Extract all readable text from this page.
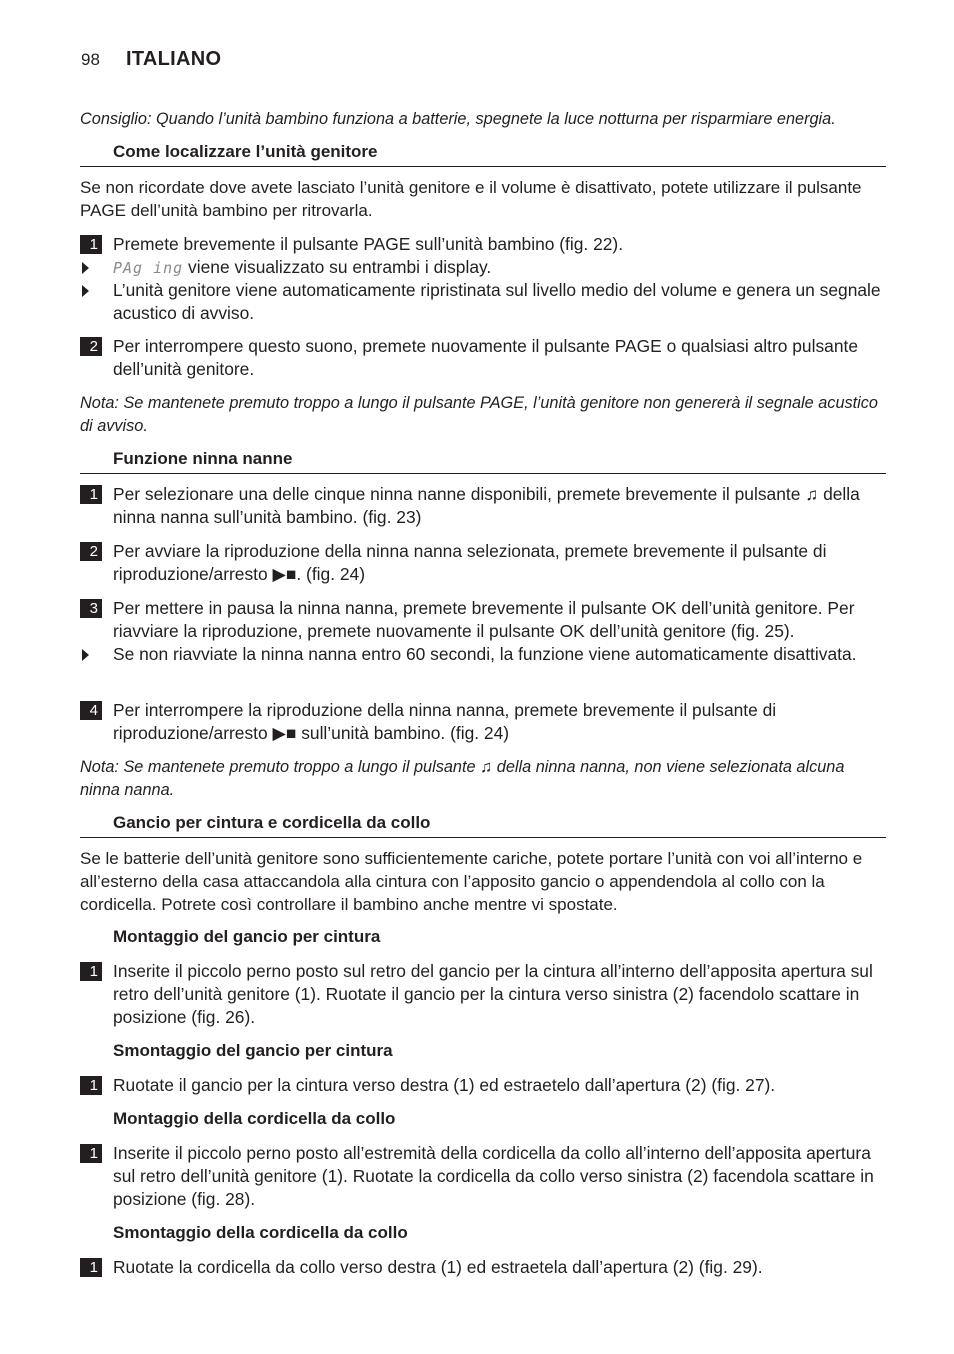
98 ITALIANO
Consiglio: Quando l’unità bambino funziona a batterie, spegnete la luce notturna per risparmiare energia.
Come localizzare l’unità genitore
Se non ricordate dove avete lasciato l’unità genitore e il volume è disattivato, potete utilizzare il pulsante PAGE dell’unità bambino per ritrovarla.
1 Premete brevemente il pulsante PAGE sull’unità bambino (fig. 22).
PAg ing viene visualizzato su entrambi i display.
L’unità genitore viene automaticamente ripristinata sul livello medio del volume e genera un segnale acustico di avviso.
2 Per interrompere questo suono, premete nuovamente il pulsante PAGE o qualsiasi altro pulsante dell’unità genitore.
Nota: Se mantenete premuto troppo a lungo il pulsante PAGE, l’unità genitore non genererà il segnale acustico di avviso.
Funzione ninna nanne
1 Per selezionare una delle cinque ninna nanne disponibili, premete brevemente il pulsante ♫ della ninna nanna sull’unità bambino. (fig. 23)
2 Per avviare la riproduzione della ninna nanna selezionata, premete brevemente il pulsante di riproduzione/arresto ▶■. (fig. 24)
3 Per mettere in pausa la ninna nanna, premete brevemente il pulsante OK dell’unità genitore. Per riavviare la riproduzione, premete nuovamente il pulsante OK dell’unità genitore (fig. 25).
Se non riavviate la ninna nanna entro 60 secondi, la funzione viene automaticamente disattivata.
4 Per interrompere la riproduzione della ninna nanna, premete brevemente il pulsante di riproduzione/arresto ▶■ sull’unità bambino. (fig. 24)
Nota: Se mantenete premuto troppo a lungo il pulsante ♫ della ninna nanna, non viene selezionata alcuna ninna nanna.
Gancio per cintura e cordicella da collo
Se le batterie dell’unità genitore sono sufficientemente cariche, potete portare l’unità con voi all’interno e all’esterno della casa attaccandola alla cintura con l’apposito gancio o appendendola al collo con la cordicella. Potrete così controllare il bambino anche mentre vi spostate.
Montaggio del gancio per cintura
1 Inserite il piccolo perno posto sul retro del gancio per la cintura all’interno dell’apposita apertura sul retro dell’unità genitore (1). Ruotate il gancio per la cintura verso sinistra (2) facendolo scattare in posizione (fig. 26).
Smontaggio del gancio per cintura
1 Ruotate il gancio per la cintura verso destra (1) ed estraetelo dall’apertura (2) (fig. 27).
Montaggio della cordicella da collo
1 Inserite il piccolo perno posto all’estremità della cordicella da collo all’interno dell’apposita apertura sul retro dell’unità genitore (1). Ruotate la cordicella da collo verso sinistra (2) facendola scattare in posizione (fig. 28).
Smontaggio della cordicella da collo
1 Ruotate la cordicella da collo verso destra (1) ed estraetela dall’apertura (2) (fig. 29).
